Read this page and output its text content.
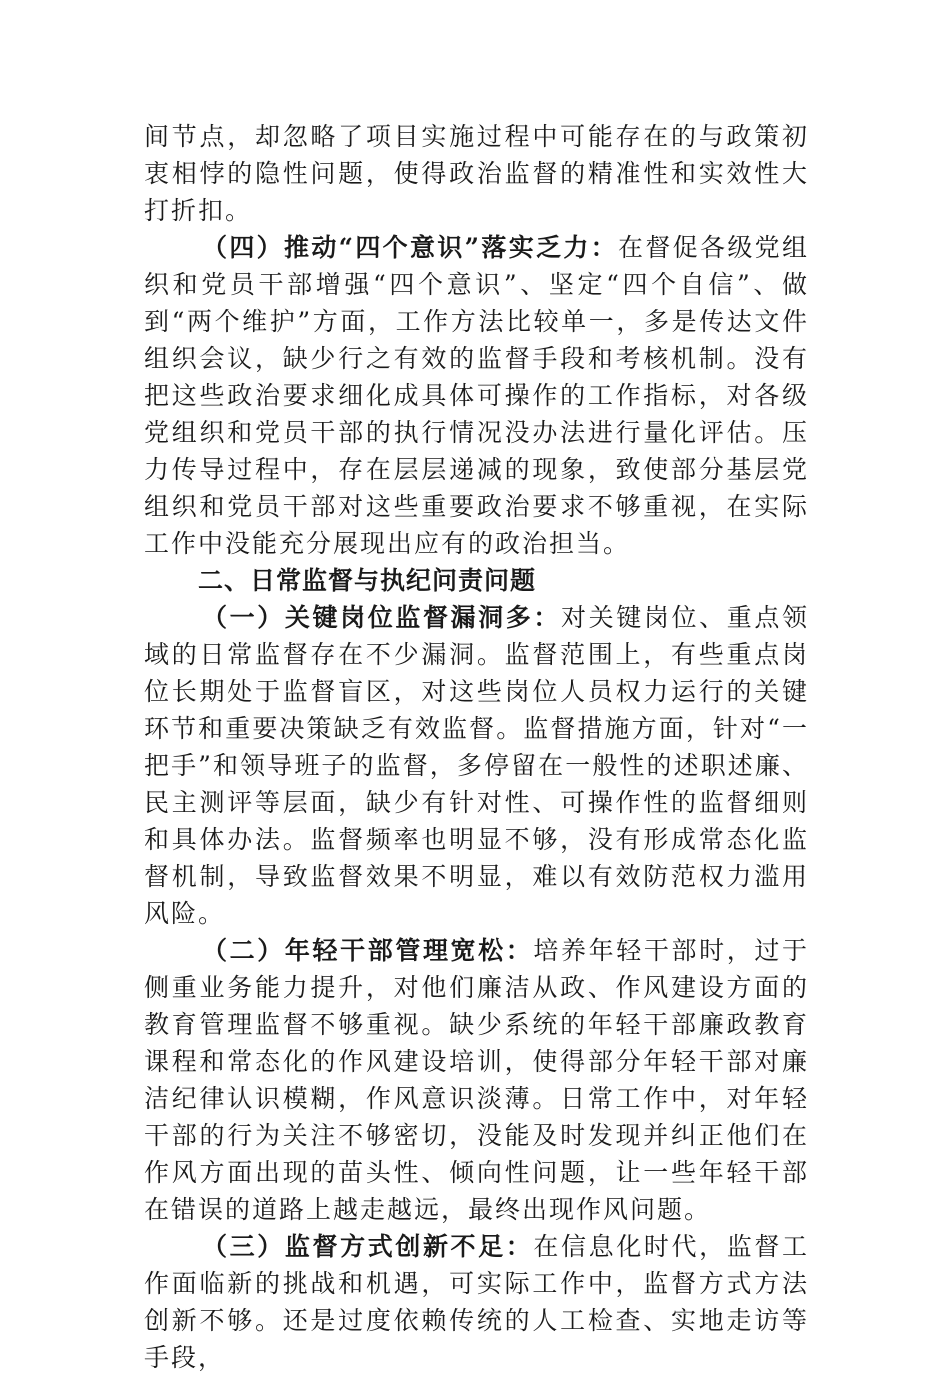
间节点，却忽略了项目实施过程中可能存在的与政策初衷相悖的隐性问题，使得政治监督的精准性和实效性大打折扣。

（四）推动“四个意识”落实乏力：在督促各级党组织和党员干部增强“四个意识”、坚定“四个自信”、做到“两个维护”方面，工作方法比较单一，多是传达文件组织会议，缺少行之有效的监督手段和考核机制。没有把这些政治要求细化成具体可操作的工作指标，对各级党组织和党员干部的执行情况没办法进行量化评估。压力传导过程中，存在层层递减的现象，致使部分基层党组织和党员干部对这些重要政治要求不够重视，在实际工作中没能充分展现出应有的政治担当。

二、日常监督与执纪问责问题

（一）关键岗位监督漏洞多：对关键岗位、重点领域的日常监督存在不少漏洞。监督范围上，有些重点岗位长期处于监督盲区，对这些岗位人员权力运行的关键环节和重要决策缺乏有效监督。监督措施方面，针对“一把手”和领导班子的监督，多停留在一般性的述职述廉、民主测评等层面，缺少有针对性、可操作性的监督细则和具体办法。监督频率也明显不够，没有形成常态化监督机制，导致监督效果不明显，难以有效防范权力滥用风险。

（二）年轻干部管理宽松：培养年轻干部时，过于侧重业务能力提升，对他们廉洁从政、作风建设方面的教育管理监督不够重视。缺少系统的年轻干部廉政教育课程和常态化的作风建设培训，使得部分年轻干部对廉洁纪律认识模糊，作风意识淡薄。日常工作中，对年轻干部的行为关注不够密切，没能及时发现并纠正他们在作风方面出现的苗头性、倾向性问题，让一些年轻干部在错误的道路上越走越远，最终出现作风问题。

（三）监督方式创新不足：在信息化时代，监督工作面临新的挑战和机遇，可实际工作中，监督方式方法创新不够。还是过度依赖传统的人工检查、实地走访等手段，
